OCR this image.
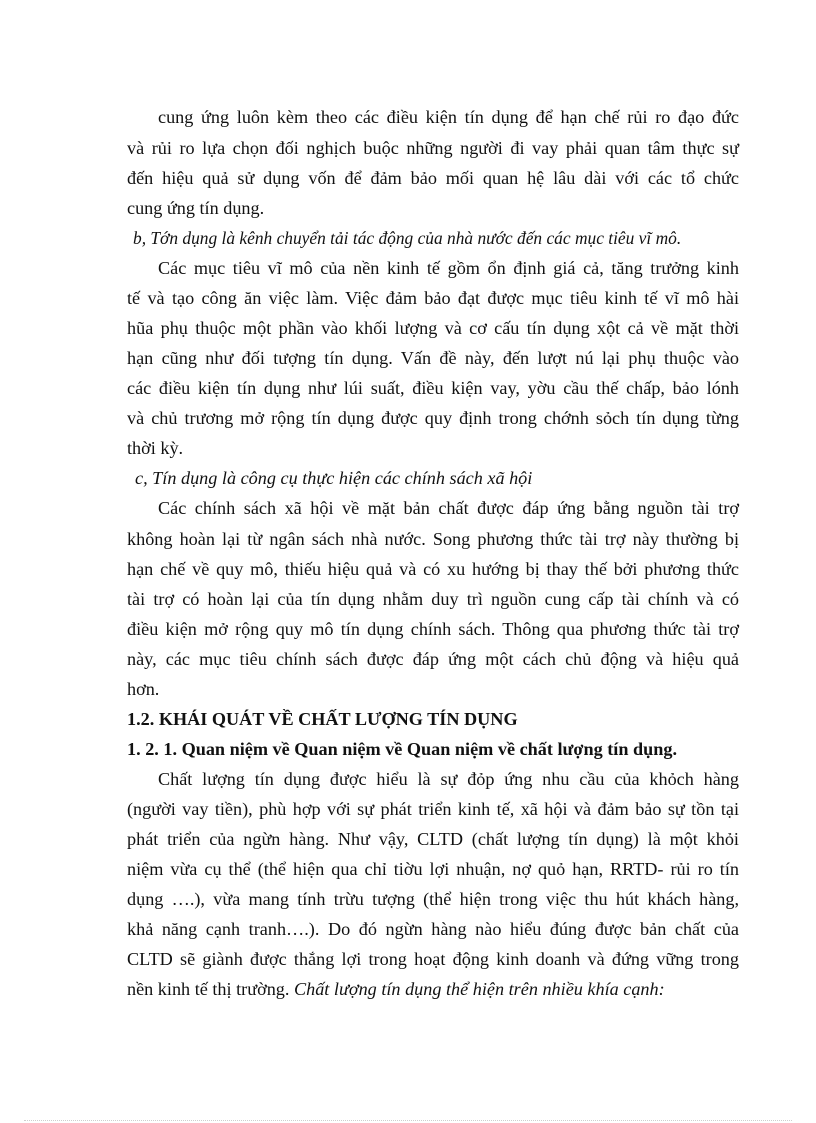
cung ứng luôn kèm theo các điều kiện tín dụng để hạn chế rủi ro đạo đức
và rủi ro lựa chọn đối nghịch buộc những người đi vay phải quan tâm thực sự
đến hiệu quả sử dụng vốn để đảm bảo mối quan hệ lâu dài với các tổ chức
cung ứng tín dụng.
b, Tớn dụng là kênh chuyển tải tác động của nhà nước đến các mục tiêu vĩ mô.
Các mục tiêu vĩ mô của nền kinh tế gồm ổn định giá cả, tăng trưởng kinh
tế và tạo công ăn việc làm. Việc đảm bảo đạt được mục tiêu kinh tế vĩ mô hài
hũa phụ thuộc một phần vào khối lượng và cơ cấu tín dụng xột cả về mặt thời
hạn cũng như đối tượng tín dụng. Vấn đề này, đến lượt nú lại phụ thuộc vào
các điều kiện tín dụng như lúi suất, điều kiện vay, yờu cầu thế chấp, bảo lónh
và chủ trương mở rộng tín dụng được quy định trong chớnh sỏch tín dụng từng
thời kỳ.
c, Tín dụng là công cụ thực hiện các chính sách xã hội
Các chính sách xã hội về mặt bản chất được đáp ứng bằng nguồn tài trợ
không hoàn lại từ ngân sách nhà nước. Song phương thức tài trợ này thường bị
hạn chế về quy mô, thiếu hiệu quả và có xu hướng bị thay thế bởi phương thức
tài trợ có hoàn lại của tín dụng nhằm duy trì nguồn cung cấp tài chính và có
điều kiện mở rộng quy mô tín dụng chính sách. Thông qua phương thức tài trợ
này, các mục tiêu chính sách được đáp ứng một cách chủ động và hiệu quả
hơn.
1.2. KHÁI QUÁT VỀ CHẤT LƯỢNG TÍN DỤNG
1. 2. 1. Quan niệm về Quan niệm về Quan niệm về chất lượng tín dụng.
Chất lượng tín dụng được hiểu là sự đỏp ứng nhu cầu của khỏch hàng
(người vay tiền), phù hợp với sự phát triển kinh tế, xã hội và đảm bảo sự tồn tại
phát triển của ngừn hàng. Như vậy, CLTD (chất lượng tín dụng) là một khỏi
niệm vừa cụ thể (thể hiện qua chỉ tiờu lợi nhuận, nợ quỏ hạn, RRTD- rủi ro tín
dụng ….), vừa mang tính trừu tượng (thể hiện trong việc thu hút khách hàng,
khả năng cạnh tranh….). Do đó ngừn hàng nào hiểu đúng được bản chất của
CLTD sẽ giành được thắng lợi trong hoạt động kinh doanh và đứng vững trong
nền kinh tế thị trường. Chất lượng tín dụng thể hiện trên nhiều khía cạnh:
